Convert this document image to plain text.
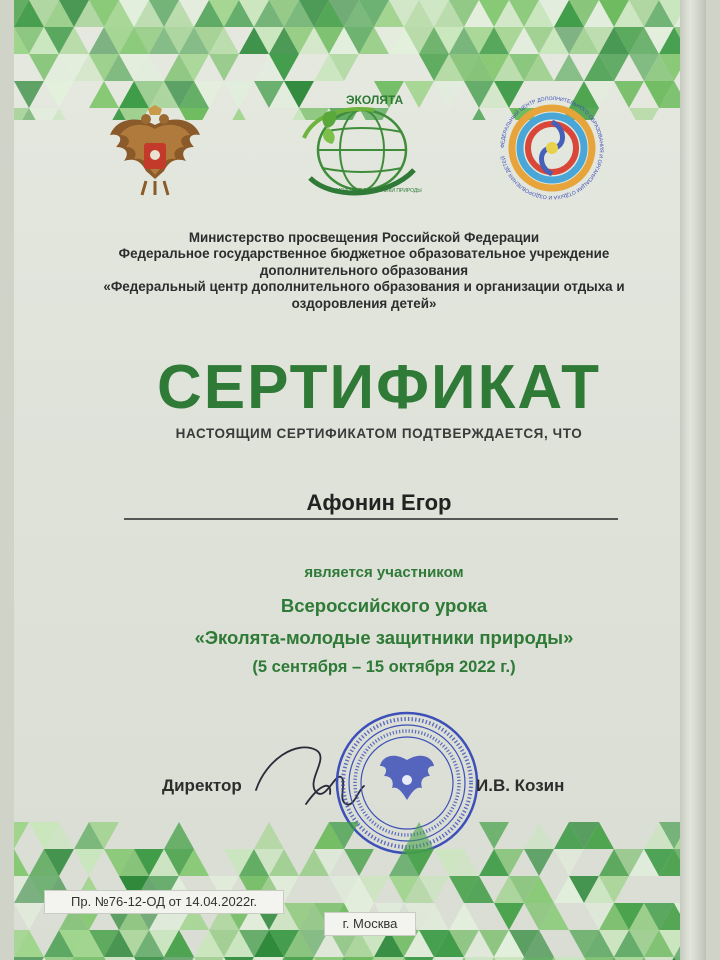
ЭКОЛЯТА
МОЛОДЫЕ ЗАЩИТНИКИ ПРИРОДЫ
ФЕДЕРАЛЬНЫЙ ЦЕНТР ДОПОЛНИТЕЛЬНОГО ОБРАЗОВАНИЯ И ОРГАНИЗАЦИИ ОТДЫХА И ОЗДОРОВЛЕНИЯ ДЕТЕЙ
Министерство просвещения Российской Федерации
Федеральное государственное бюджетное образовательное учреждение
дополнительного образования
«Федеральный центр дополнительного образования и организации отдыха и
оздоровления детей»
СЕРТИФИКАТ
НАСТОЯЩИМ СЕРТИФИКАТОМ ПОДТВЕРЖДАЕТСЯ, ЧТО
Афонин Егор
является участником
Всероссийского урока
«Эколята-молодые защитники природы»
(5 сентября – 15 октября 2022 г.)
Директор	И.В. Козин
Пр. №76-12-ОД от 14.04.2022г.
г. Москва
